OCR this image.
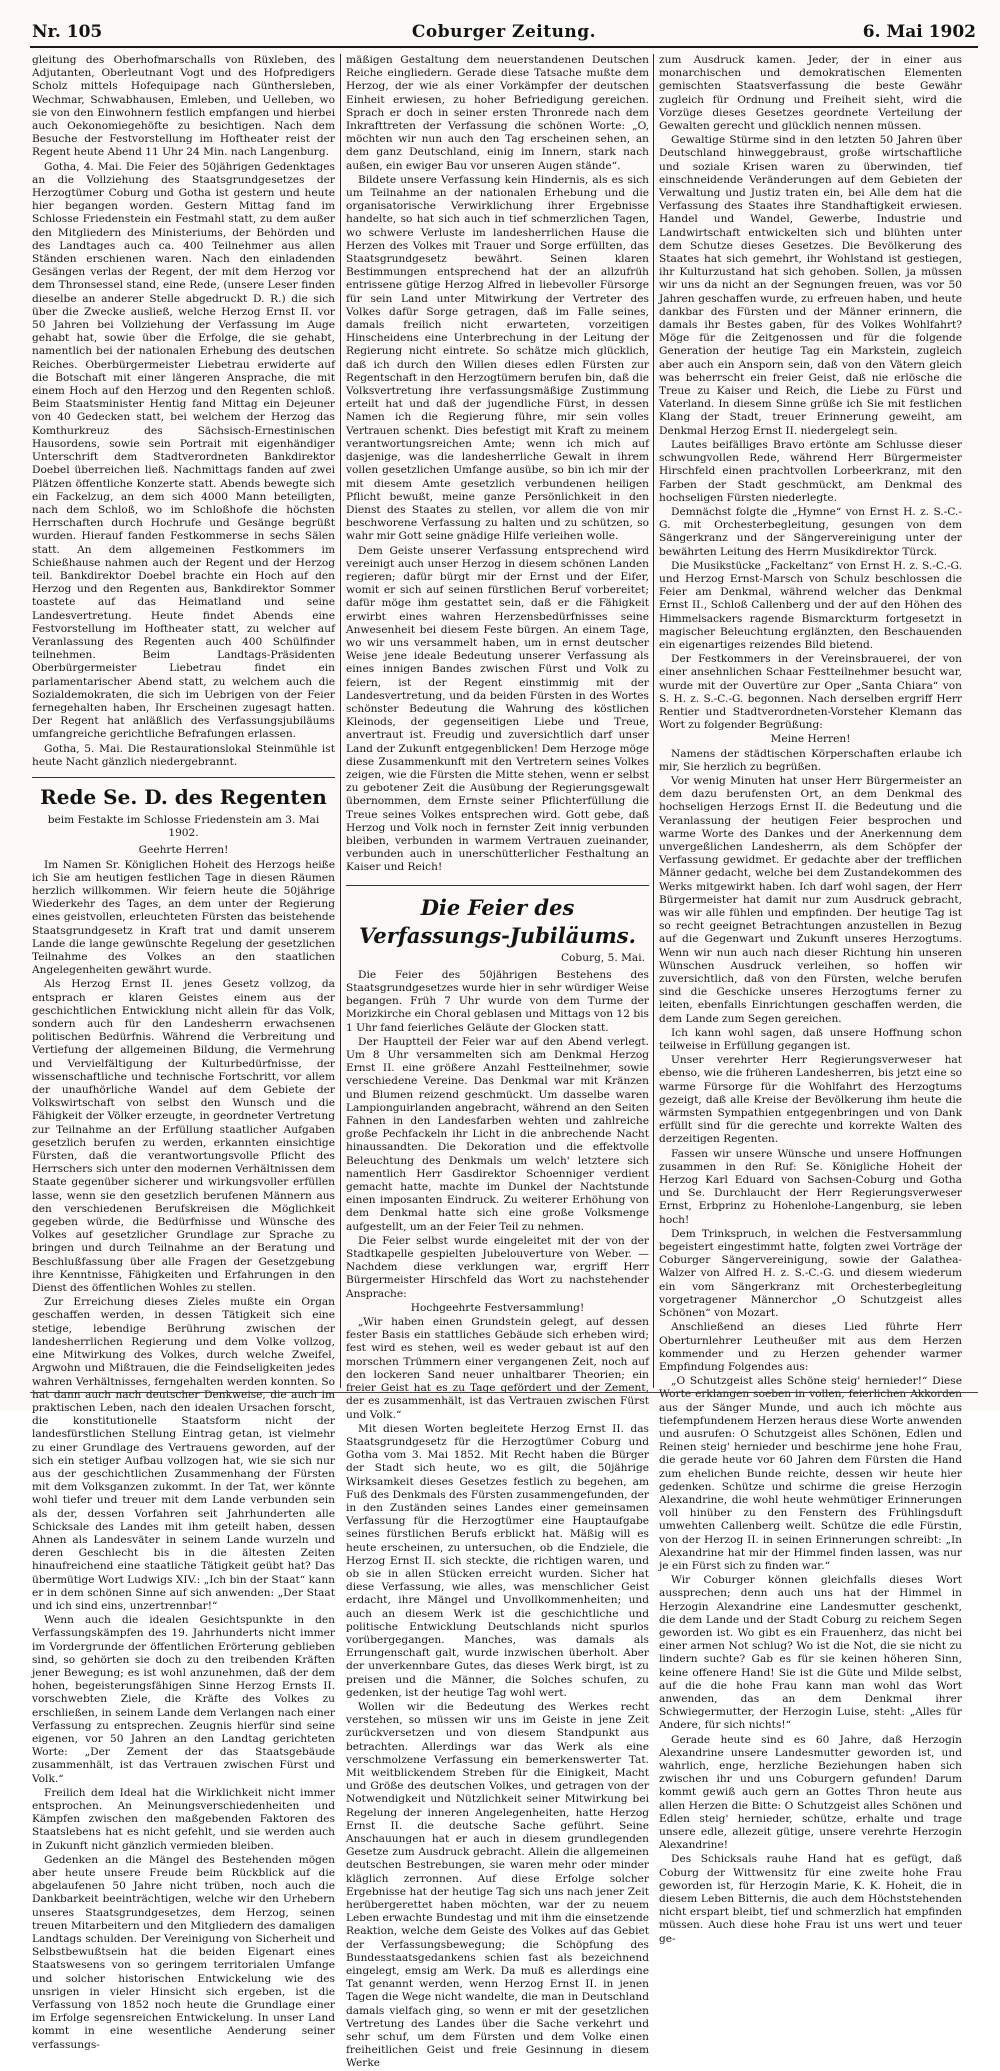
Nr. 105	Coburger Zeitung.	6. Mai 1902

gleitung des Oberhofmarschalls von Rüxleben, des Adjutanten, Oberleutnant Vogt und des Hofpredigers Scholz mittels Hofequipage nach Günthersleben, Wechmar, Schwabhausen, Emleben, und Uelleben, wo sie von den Einwohnern festlich empfangen und hierbei auch Oekonomiegehöfte zu besichtigen. Nach dem Besuche der Festvorstellung im Hoftheater reist der Regent heute Abend 11 Uhr 24 Min. nach Langenburg.

Gotha, 4. Mai. Die Feier des 50jährigen Gedenktages an die Vollziehung des Staatsgrundgesetzes der Herzogtümer Coburg und Gotha ist gestern und heute hier begangen worden. Gestern Mittag fand im Schlosse Friedenstein ein Festmahl statt, zu dem außer den Mitgliedern des Ministeriums, der Behörden und des Landtages auch ca. 400 Teilnehmer aus allen Ständen erschienen waren. Nach den einladenden Gesängen verlas der Regent, der mit dem Herzog vor dem Thronsessel stand, eine Rede, (unsere Leser finden dieselbe an anderer Stelle abgedruckt D. R.) die sich über die Zwecke ausließ, welche Herzog Ernst II. vor 50 Jahren bei Vollziehung der Verfassung im Auge gehabt hat, sowie über die Erfolge, die sie gehabt, namentlich bei der nationalen Erhebung des deutschen Reiches. Oberbürgermeister Liebetrau erwiderte auf die Botschaft mit einer längeren Ansprache, die mit einem Hoch auf den Herzog und den Regenten schloß. Beim Staatsminister Hentig fand Mittag ein Dejeuner von 40 Gedecken statt, bei welchem der Herzog das Komthurkreuz des Sächsisch-Ernestinischen Hausordens, sowie sein Portrait mit eigenhändiger Unterschrift dem Stadtverordneten Bankdirektor Doebel überreichen ließ. Nachmittags fanden auf zwei Plätzen öffentliche Konzerte statt. Abends bewegte sich ein Fackelzug, an dem sich 4000 Mann beteiligten, nach dem Schloß, wo im Schloßhofe die höchsten Herrschaften durch Hochrufe und Gesänge begrüßt wurden. Hierauf fanden Festkommerse in sechs Sälen statt. An dem allgemeinen Festkommers im Schießhause nahmen auch der Regent und der Herzog teil. Bankdirektor Doebel brachte ein Hoch auf den Herzog und den Regenten aus, Bankdirektor Sommer toastete auf das Heimatland und seine Landesvertretung. Heute findet Abends eine Festvorstellung im Hoftheater statt, zu welcher auf Veranlassung des Regenten auch 400 Schülfinder teilnehmen. Beim Landtags-Präsidenten Oberbürgermeister Liebetrau findet ein parlamentarischer Abend statt, zu welchem auch die Sozialdemokraten, die sich im Uebrigen von der Feier fernegehalten haben, Ihr Erscheinen zugesagt hatten. Der Regent hat anläßlich des Verfassungsjubiläums umfangreiche gerichtliche Befrafungen erlassen.

Gotha, 5. Mai. Die Restaurationslokal Steinmühle ist heute Nacht gänzlich niedergebrannt.

Rede Se. D. des Regenten
beim Festakte im Schlosse Friedenstein am 3. Mai 1902.

Geehrte Herren!

Im Namen Sr. Königlichen Hoheit des Herzogs heiße ich Sie am heutigen festlichen Tage in diesen Räumen herzlich willkommen. Wir feiern heute die 50jährige Wiederkehr des Tages, an dem unter der Regierung eines geistvollen, erleuchteten Fürsten das beistehende Staatsgrundgesetz in Kraft trat und damit unserem Lande die lange gewünschte Regelung der gesetzlichen Teilnahme des Volkes an den staatlichen Angelegenheiten gewährt wurde.

Als Herzog Ernst II. jenes Gesetz vollzog, da entsprach er klaren Geistes einem aus der geschichtlichen Entwicklung nicht allein für das Volk, sondern auch für den Landesherrn erwachsenen politischen Bedürfnis. Während die Verbreitung und Vertiefung der allgemeinen Bildung, die Vermehrung und Vervielfältigung der Kulturbedürfnisse, der wissenschaftliche und technische Fortschritt, vor allem der unaufhörliche Wandel auf dem Gebiete der Volkswirtschaft von selbst den Wunsch und die Fähigkeit der Völker erzeugte, in geordneter Vertretung zur Teilnahme an der Erfüllung staatlicher Aufgaben gesetzlich berufen zu werden, erkannten einsichtige Fürsten, daß die verantwortungsvolle Pflicht des Herrschers sich unter den modernen Verhältnissen dem Staate gegenüber sicherer und wirkungsvoller erfüllen lasse, wenn sie den gesetzlich berufenen Männern aus den verschiedenen Berufskreisen die Möglichkeit gegeben würde, die Bedürfnisse und Wünsche des Volkes auf gesetzlicher Grundlage zur Sprache zu bringen und durch Teilnahme an der Beratung und Beschlußfassung über alle Fragen der Gesetzgebung ihre Kenntnisse, Fähigkeiten und Erfahrungen in den Dienst des öffentlichen Wohles zu stellen.

Zur Erreichung dieses Zieles mußte ein Organ geschaffen werden, in dessen Tätigkeit sich eine stetige, lebendige Berührung zwischen der landesherrlichen Regierung und dem Volke vollzog, eine Mitwirkung des Volkes, durch welche Zweifel, Argwohn und Mißtrauen, die die Feindseligkeiten jedes wahren Verhältnisses, ferngehalten werden konnten. So hat dann auch nach deutscher Denkweise, die auch im praktischen Leben, nach den idealen Ursachen forscht, die konstitutionelle Staatsform nicht der landesfürstlichen Stellung Eintrag getan, ist vielmehr zu einer Grundlage des Vertrauens geworden, auf der sich ein stetiger Aufbau vollzogen hat, wie sie sich nur aus der geschichtlichen Zusammenhang der Fürsten mit dem Volksganzen zukommt. In der Tat, wer könnte wohl tiefer und treuer mit dem Lande verbunden sein als der, dessen Vorfahren seit Jahrhunderten alle Schicksale des Landes mit ihm geteilt haben, dessen Ahnen als Landesväter in seinem Lande wurzeln und deren Geschlecht bis in die ältesten Zeiten hinaufreichend eine staatliche Tätigkeit geübt hat? Das übermütige Wort Ludwigs XIV.: „Ich bin der Staat“ kann er in dem schönen Sinne auf sich anwenden: „Der Staat und ich sind eins, unzertrennbar!“

Wenn auch die idealen Gesichtspunkte in den Verfassungskämpfen des 19. Jahrhunderts nicht immer im Vordergrunde der öffentlichen Erörterung geblieben sind, so gehörten sie doch zu den treibenden Kräften jener Bewegung; es ist wohl anzunehmen, daß der dem hohen, begeisterungsfähigen Sinne Herzog Ernsts II. vorschwebten Ziele, die Kräfte des Volkes zu erschließen, in seinem Lande dem Verlangen nach einer Verfassung zu entsprechen. Zeugnis hierfür sind seine eigenen, vor 50 Jahren an den Landtag gerichteten Worte: „Der Zement der das Staatsgebäude zusammenhält, ist das Vertrauen zwischen Fürst und Volk.“

Freilich dem Ideal hat die Wirklichkeit nicht immer entsprochen. An Meinungsverschiedenheiten und Kämpfen zwischen den maßgebenden Faktoren des Staatslebens hat es nicht gefehlt, und sie werden auch in Zukunft nicht gänzlich vermieden bleiben.

Gedenken an die Mängel des Bestehenden mögen aber heute unsere Freude beim Rückblick auf die abgelaufenen 50 Jahre nicht trüben, noch auch die Dankbarkeit beeinträchtigen, welche wir den Urhebern unseres Staatsgrundgesetzes, dem Herzog, seinen treuen Mitarbeitern und den Mitgliedern des damaligen Landtags schulden. Der Vereinigung von Sicherheit und Selbstbewußtsein hat die beiden Eigenart eines Staatswesens von so geringem territorialen Umfange und solcher historischen Entwickelung wie des unsrigen in vieler Hinsicht sich ergeben, ist die Verfassung von 1852 noch heute die Grundlage einer im Erfolge segensreichen Entwickelung. In unser Land kommt in eine wesentliche Aenderung seiner verfassungs-

mäßigen Gestaltung dem neuerstandenen Deutschen Reiche eingliedern. Gerade diese Tatsache mußte dem Herzog, der wie als einer Vorkämpfer der deutschen Einheit erwiesen, zu hoher Befriedigung gereichen. Sprach er doch in seiner ersten Thronrede nach dem Inkrafttreten der Verfassung die schönen Worte: „O, möchten wir nun auch den Tag erscheinen sehen, an dem ganz Deutschland, einig im Innern, stark nach außen, ein ewiger Bau vor unseren Augen stände“.

Bildete unsere Verfassung kein Hindernis, als es sich um Teilnahme an der nationalen Erhebung und die organisatorische Verwirklichung ihrer Ergebnisse handelte, so hat sich auch in tief schmerzlichen Tagen, wo schwere Verluste im landesherrlichen Hause die Herzen des Volkes mit Trauer und Sorge erfüllten, das Staatsgrundgesetz bewährt. Seinen klaren Bestimmungen entsprechend hat der an allzufrüh entrissene gütige Herzog Alfred in liebevoller Fürsorge für sein Land unter Mitwirkung der Vertreter des Volkes dafür Sorge getragen, daß im Falle seines, damals freilich nicht erwarteten, vorzeitigen Hinscheidens eine Unterbrechung in der Leitung der Regierung nicht eintrete. So schätze mich glücklich, daß ich durch den Willen dieses edlen Fürsten zur Regentschaft in den Herzogtümern berufen bin, daß die Volksvertretung ihre verfassungsmäßige Zustimmung erteilt hat und daß der jugendliche Fürst, in dessen Namen ich die Regierung führe, mir sein volles Vertrauen schenkt. Dies befestigt mit Kraft zu meinem verantwortungsreichen Amte; wenn ich mich auf dasjenige, was die landesherrliche Gewalt in ihrem vollen gesetzlichen Umfange ausübe, so bin ich mir der mit diesem Amte gesetzlich verbundenen heiligen Pflicht bewußt, meine ganze Persönlichkeit in den Dienst des Staates zu stellen, vor allem die von mir beschworene Verfassung zu halten und zu schützen, so wahr mir Gott seine gnädige Hilfe verleihen wolle.

Dem Geiste unserer Verfassung entsprechend wird vereinigt auch unser Herzog in diesem schönen Landen regieren; dafür bürgt mir der Ernst und der Eifer, womit er sich auf seinen fürstlichen Beruf vorbereitet; dafür möge ihm gestattet sein, daß er die Fähigkeit erwirbt eines wahren Herzensbedürfnisses seine Anwesenheit bei diesem Feste bürgen. An einem Tage, wo wir uns versammelt haben, um in ernst deutscher Weise jene ideale Bedeutung unserer Verfassung als eines innigen Bandes zwischen Fürst und Volk zu feiern, ist der Regent einstimmig mit der Landesvertretung, und da beiden Fürsten in des Wortes schönster Bedeutung die Wahrung des köstlichen Kleinods, der gegenseitigen Liebe und Treue, anvertraut ist. Freudig und zuversichtlich darf unser Land der Zukunft entgegenblicken! Dem Herzoge möge diese Zusammenkunft mit den Vertretern seines Volkes zeigen, wie die Fürsten die Mitte stehen, wenn er selbst zu gebotener Zeit die Ausübung der Regierungsgewalt übernommen, dem Ernste seiner Pflichterfüllung die Treue seines Volkes entsprechen wird. Gott gebe, daß Herzog und Volk noch in fernster Zeit innig verbunden bleiben, verbunden in warmem Vertrauen zueinander, verbunden auch in unerschütterlicher Festhaltung an Kaiser und Reich!

Die Feier des Verfassungs-Jubiläums.
Coburg, 5. Mai.

Die Feier des 50jährigen Bestehens des Staatsgrundgesetzes wurde hier in sehr würdiger Weise begangen. Früh 7 Uhr wurde von dem Turme der Morizkirche ein Choral geblasen und Mittags von 12 bis 1 Uhr fand feierliches Geläute der Glocken statt.

Der Hauptteil der Feier war auf den Abend verlegt. Um 8 Uhr versammelten sich am Denkmal Herzog Ernst II. eine größere Anzahl Festteilnehmer, sowie verschiedene Vereine. Das Denkmal war mit Kränzen und Blumen reizend geschmückt. Um dasselbe waren Lampionguirlanden angebracht, während an den Seiten Fahnen in den Landesfarben wehten und zahlreiche große Pechfackeln ihr Licht in die anbrechende Nacht hinaussandten. Die Dekoration und die effektvolle Beleuchtung des Denkmals um welch' letztere sich namentlich Herr Gasdirektor Schoenniger verdient gemacht hatte, machte im Dunkel der Nachtstunde einen imposanten Eindruck. Zu weiterer Erhöhung von dem Denkmal hatte sich eine große Volksmenge aufgestellt, um an der Feier Teil zu nehmen.

Die Feier selbst wurde eingeleitet mit der von der Stadtkapelle gespielten Jubelouverture von Weber. — Nachdem diese verklungen war, ergriff Herr Bürgermeister Hirschfeld das Wort zu nachstehender Ansprache:

Hochgeehrte Festversammlung!

„Wir haben einen Grundstein gelegt, auf dessen fester Basis ein stattliches Gebäude sich erheben wird; fest wird es stehen, weil es weder gebaut ist auf den morschen Trümmern einer vergangenen Zeit, noch auf den lockeren Sand neuer unhaltbarer Theorien; ein freier Geist hat es zu Tage gefördert und der Zement, der es zusammenhält, ist das Vertrauen zwischen Fürst und Volk.“

Mit diesen Worten begleitete Herzog Ernst II. das Staatsgrundgesetz für die Herzogtümer Coburg und Gotha vom 3. Mai 1852. Mit Recht haben die Bürger der Stadt sich heute, wo es gilt, die 50jährige Wirksamkeit dieses Gesetzes festlich zu begehen, am Fuß des Denkmals des Fürsten zusammengefunden, der in den Zuständen seines Landes einer gemeinsamen Verfassung für die Herzogtümer eine Hauptaufgabe seines fürstlichen Berufs erblickt hat. Mäßig will es heute erscheinen, zu untersuchen, ob die Endziele, die Herzog Ernst II. sich steckte, die richtigen waren, und ob sie in allen Stücken erreicht wurden. Sicher hat diese Verfassung, wie alles, was menschlicher Geist erdacht, ihre Mängel und Unvollkommenheiten; und auch an diesem Werk ist die geschichtliche und politische Entwicklung Deutschlands nicht spurlos vorübergegangen. Manches, was damals als Errungenschaft galt, wurde inzwischen überholt. Aber der unverkennbare Gutes, das dieses Werk birgt, ist zu preisen und die Männer, die Solches schufen, zu gedenken, ist der heutige Tag wohl wert.

Wollen wir die Bedeutung des Werkes recht verstehen, so müssen wir uns im Geiste in jene Zeit zurückversetzen und von diesem Standpunkt aus betrachten. Allerdings war das Werk als eine verschmolzene Verfassung ein bemerkenswerter Tat. Mit weitblickendem Streben für die Einigkeit, Macht und Größe des deutschen Volkes, und getragen von der Notwendigkeit und Nützlichkeit seiner Mitwirkung bei Regelung der inneren Angelegenheiten, hatte Herzog Ernst II. die deutsche Sache geführt. Seine Anschauungen hat er auch in diesem grundlegenden Gesetze zum Ausdruck gebracht. Allein die allgemeinen deutschen Bestrebungen, sie waren mehr oder minder kläglich zerronnen. Auf diese Erfolge solcher Ergebnisse hat der heutige Tag sich uns nach jener Zeit herübergerettet haben möchten, war der zu neuem Leben erwachte Bundestag und mit ihm die einsetzende Reaktion, welche dem Geiste des Volkes auf das Gebiet der Verfassungsbewegung; die Schöpfung des Bundesstaatsgedankens schien fast als bezeichnend eingelegt, emsig am Werk. Da muß es allerdings eine Tat genannt werden, wenn Herzog Ernst II. in jenen Tagen die Wege nicht wandelte, die man in Deutschland damals vielfach ging, so wenn er mit der gesetzlichen Vertretung des Landes über die Sache verkehrt und sehr schuf, um dem Fürsten und dem Volke einen freiheitlichen Geist und freie Gesinnung in diesem Werke

zum Ausdruck kamen. Jeder, der in einer aus monarchischen und demokratischen Elementen gemischten Staatsverfassung die beste Gewähr zugleich für Ordnung und Freiheit sieht, wird die Vorzüge dieses Gesetzes geordnete Verteilung der Gewalten gerecht und glücklich nennen müssen.

Gewaltige Stürme sind in den letzten 50 Jahren über Deutschland hinweggebraust, große wirtschaftliche und soziale Krisen waren zu überwinden, tief einschneidende Veränderungen auf dem Gebieten der Verwaltung und Justiz traten ein, bei Alle dem hat die Verfassung des Staates ihre Standhaftigkeit erwiesen. Handel und Wandel, Gewerbe, Industrie und Landwirtschaft entwickelten sich und blühten unter dem Schutze dieses Gesetzes. Die Bevölkerung des Staates hat sich gemehrt, ihr Wohlstand ist gestiegen, ihr Kulturzustand hat sich gehoben. Sollen, ja müssen wir uns da nicht an der Segnungen freuen, was vor 50 Jahren geschaffen wurde, zu erfreuen haben, und heute dankbar des Fürsten und der Männer erinnern, die damals ihr Bestes gaben, für des Volkes Wohlfahrt? Möge für die Zeitgenossen und für die folgende Generation der heutige Tag ein Markstein, zugleich aber auch ein Ansporn sein, daß von den Vätern gleich was beherrscht ein freier Geist, daß nie erlösche die Treue zu Kaiser und Reich, die Liebe zu Fürst und Vaterland. In diesem Sinne grüße ich Sie mit festlichen Klang der Stadt, treuer Erinnerung geweiht, am Denkmal Herzog Ernst II. niedergelegt sein.

Lautes beifälliges Bravo ertönte am Schlusse dieser schwungvollen Rede, während Herr Bürgermeister Hirschfeld einen prachtvollen Lorbeerkranz, mit den Farben der Stadt geschmückt, am Denkmal des hochseligen Fürsten niederlegte.

Demnächst folgte die „Hymne“ von Ernst H. z. S.-C.-G. mit Orchesterbegleitung, gesungen von dem Sängerkranz und der Sängervereinigung unter der bewährten Leitung des Herrn Musikdirektor Türck.

Die Musikstücke „Fackeltanz“ von Ernst H. z. S.-C.-G. und Herzog Ernst-Marsch von Schulz beschlossen die Feier am Denkmal, während welcher das Denkmal Ernst II., Schloß Callenberg und der auf den Höhen des Himmelsackers ragende Bismarckturm fortgesetzt in magischer Beleuchtung erglänzten, den Beschauenden ein eigenartiges reizendes Bild bietend.

Der Festkommers in der Vereinsbrauerei, der von einer ansehnlichen Schaar Festteilnehmer besucht war, wurde mit der Ouvertüre zur Oper „Santa Chiara“ von S. H. z. S.-C.-G. begonnen. Nach derselben ergriff Herr Rentier und Stadtverordneten-Vorsteher Klemann das Wort zu folgender Begrüßung:

Meine Herren!

Namens der städtischen Körperschaften erlaube ich mir, Sie herzlich zu begrüßen.

Vor wenig Minuten hat unser Herr Bürgermeister an dem dazu berufensten Ort, an dem Denkmal des hochseligen Herzogs Ernst II. die Bedeutung und die Veranlassung der heutigen Feier besprochen und warme Worte des Dankes und der Anerkennung dem unvergeßlichen Landesherrn, als dem Schöpfer der Verfassung gewidmet. Er gedachte aber der trefflichen Männer gedacht, welche bei dem Zustandekommen des Werks mitgewirkt haben. Ich darf wohl sagen, der Herr Bürgermeister hat damit nur zum Ausdruck gebracht, was wir alle fühlen und empfinden. Der heutige Tag ist so recht geeignet Betrachtungen anzustellen in Bezug auf die Gegenwart und Zukunft unseres Herzogtums. Wenn wir nun auch nach dieser Richtung hin unseren Wünschen Ausdruck verleihen, so hoffen wir zuversichtlich, daß von den Fürsten, welche berufen sind die Geschicke unseres Herzogtums ferner zu leiten, ebenfalls Einrichtungen geschaffen werden, die dem Lande zum Segen gereichen.

Ich kann wohl sagen, daß unsere Hoffnung schon teilweise in Erfüllung gegangen ist.

Unser verehrter Herr Regierungsverweser hat ebenso, wie die früheren Landesherren, bis jetzt eine so warme Fürsorge für die Wohlfahrt des Herzogtums gezeigt, daß alle Kreise der Bevölkerung ihm heute die wärmsten Sympathien entgegenbringen und von Dank erfüllt sind für die gerechte und korrekte Walten des derzeitigen Regenten.

Fassen wir unsere Wünsche und unsere Hoffnungen zusammen in den Ruf: Se. Königliche Hoheit der Herzog Karl Eduard von Sachsen-Coburg und Gotha und Se. Durchlaucht der Herr Regierungsverweser Ernst, Erbprinz zu Hohenlohe-Langenburg, sie leben hoch!

Dem Trinkspruch, in welchen die Festversammlung begeistert eingestimmt hatte, folgten zwei Vorträge der Coburger Sängervereinigung, sowie der Galathea-Walzer von Alfred H. z. S.-C.-G. und diesem wiederum ein vom Sängerkranz mit Orchesterbegleitung vorgetragener Männerchor „O Schutzgeist alles Schönen“ von Mozart.

Anschließend an dieses Lied führte Herr Oberturnlehrer Leutheußer mit aus dem Herzen kommender und zu Herzen gehender warmer Empfindung Folgendes aus:

„O Schutzgeist alles Schöne steig' hernieder!“ Diese Worte erklangen soeben in vollen, feierlichen Akkorden aus der Sänger Munde, und auch ich möchte aus tiefempfundenem Herzen heraus diese Worte anwenden und ausrufen: O Schutzgeist alles Schönen, Edlen und Reinen steig' hernieder und beschirme jene hohe Frau, die gerade heute vor 60 Jahren dem Fürsten die Hand zum ehelichen Bunde reichte, dessen wir heute hier gedenken. Schütze und schirme die greise Herzogin Alexandrine, die wohl heute wehmütiger Erinnerungen voll hinüber zu den Fenstern des Frühlingsduft umwehten Callenberg weilt. Schütze die edle Fürstin, von der Herzog II. in seinen Erinnerungen schreibt: „In Alexandrine hat mir der Himmel finden lassen, was nur je ein Fürst sich zu finden war.“

Wir Coburger können gleichfalls dieses Wort aussprechen; denn auch uns hat der Himmel in Herzogin Alexandrine eine Landesmutter geschenkt, die dem Lande und der Stadt Coburg zu reichem Segen geworden ist. Wo gibt es ein Frauenherz, das nicht bei einer armen Not schlug? Wo ist die Not, die sie nicht zu lindern suchte? Gab es für sie keinen höheren Sinn, keine offenere Hand! Sie ist die Güte und Milde selbst, auf die die hohe Frau kann man wohl das Wort anwenden, das an dem Denkmal ihrer Schwiegermutter, der Herzogin Luise, steht: „Alles für Andere, für sich nichts!“

Gerade heute sind es 60 Jahre, daß Herzogin Alexandrine unsere Landesmutter geworden ist, und wahrlich, enge, herzliche Beziehungen haben sich zwischen ihr und uns Coburgern gefunden! Darum kommt gewiß auch gern an Gottes Thron heute aus allen Herzen die Bitte: O Schutzgeist alles Schönen und Edlen steig' hernieder, schütze, erhalte und trage unsere edle, allezeit gütige, unsere verehrte Herzogin Alexandrine!

Des Schicksals rauhe Hand hat es gefügt, daß Coburg der Wittwensitz für eine zweite hohe Frau geworden ist, für Herzogin Marie, K. K. Hoheit, die in diesem Leben Bitternis, die auch dem Höchststehenden nicht erspart bleibt, tief und schmerzlich hat empfinden müssen. Auch diese hohe Frau ist uns wert und teuer ge-
